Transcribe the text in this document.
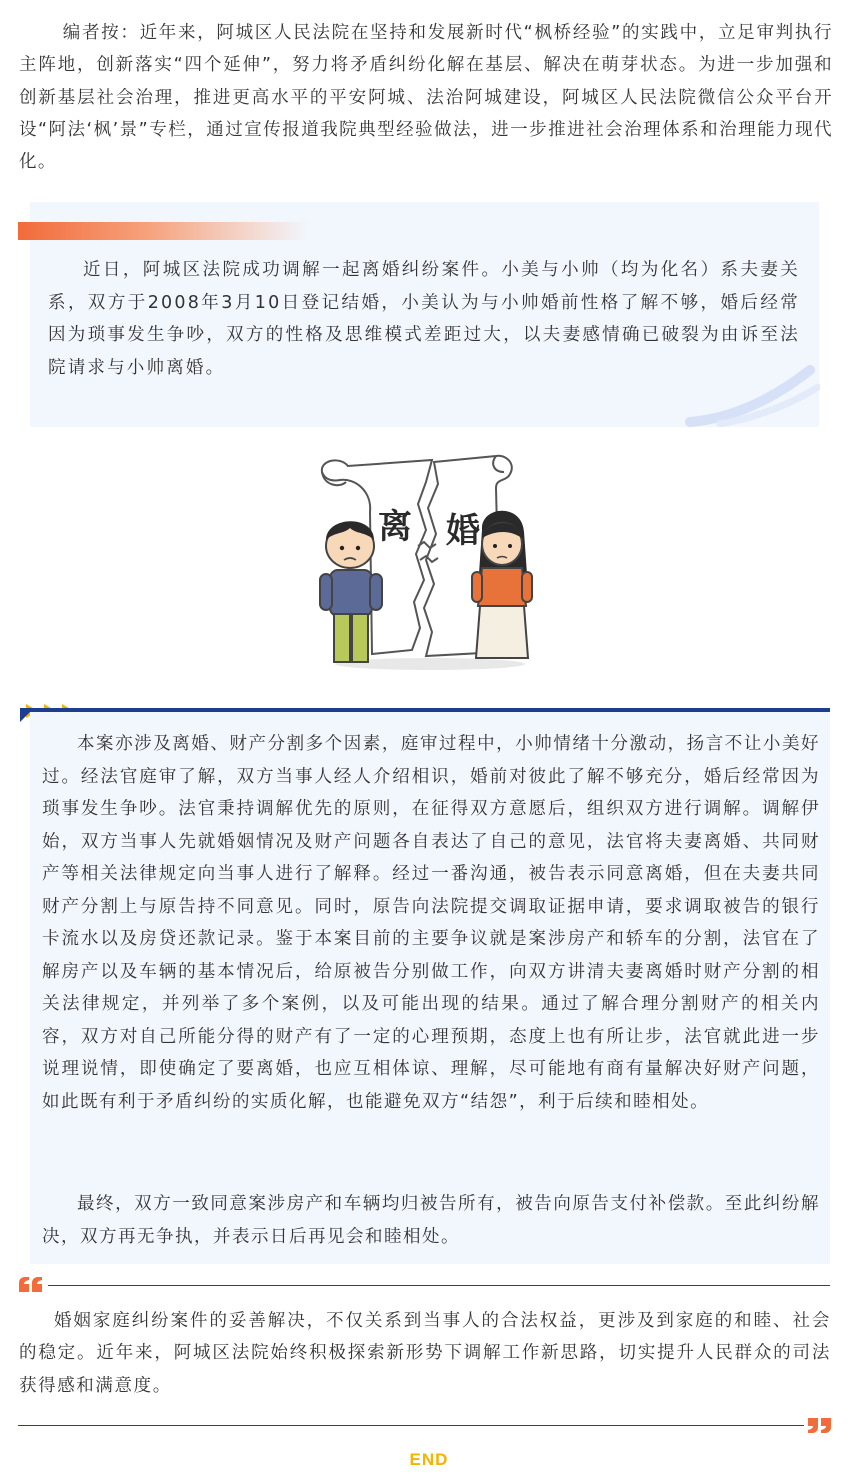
编者按：近年来，阿城区人民法院在坚持和发展新时代“枫桥经验”的实践中，立足审判执行主阵地，创新落实“四个延伸”，努力将矛盾纠纷化解在基层、解决在萌芽状态。为进一步加强和创新基层社会治理，推进更高水平的平安阿城、法治阿城建设，阿城区人民法院微信公众平台开设“阿法‘枫’景”专栏，通过宣传报道我院典型经验做法，进一步推进社会治理体系和治理能力现代化。

近日，阿城区法院成功调解一起离婚纠纷案件。小美与小帅（均为化名）系夫妻关系，双方于2008年3月10日登记结婚，小美认为与小帅婚前性格了解不够，婚后经常因为琐事发生争吵，双方的性格及思维模式差距过大，以夫妻感情确已破裂为由诉至法院请求与小帅离婚。

离 婚

本案亦涉及离婚、财产分割多个因素，庭审过程中，小帅情绪十分激动，扬言不让小美好过。经法官庭审了解，双方当事人经人介绍相识，婚前对彼此了解不够充分，婚后经常因为琐事发生争吵。法官秉持调解优先的原则，在征得双方意愿后，组织双方进行调解。调解伊始，双方当事人先就婚姻情况及财产问题各自表达了自己的意见，法官将夫妻离婚、共同财产等相关法律规定向当事人进行了解释。经过一番沟通，被告表示同意离婚，但在夫妻共同财产分割上与原告持不同意见。同时，原告向法院提交调取证据申请，要求调取被告的银行卡流水以及房贷还款记录。鉴于本案目前的主要争议就是案涉房产和轿车的分割，法官在了解房产以及车辆的基本情况后，给原被告分别做工作，向双方讲清夫妻离婚时财产分割的相关法律规定，并列举了多个案例，以及可能出现的结果。通过了解合理分割财产的相关内容，双方对自己所能分得的财产有了一定的心理预期，态度上也有所让步，法官就此进一步说理说情，即使确定了要离婚，也应互相体谅、理解，尽可能地有商有量解决好财产问题，如此既有利于矛盾纠纷的实质化解，也能避免双方“结怨”，利于后续和睦相处。

最终，双方一致同意案涉房产和车辆均归被告所有，被告向原告支付补偿款。至此纠纷解决，双方再无争执，并表示日后再见会和睦相处。

婚姻家庭纠纷案件的妥善解决，不仅关系到当事人的合法权益，更涉及到家庭的和睦、社会的稳定。近年来，阿城区法院始终积极探索新形势下调解工作新思路，切实提升人民群众的司法获得感和满意度。

END
